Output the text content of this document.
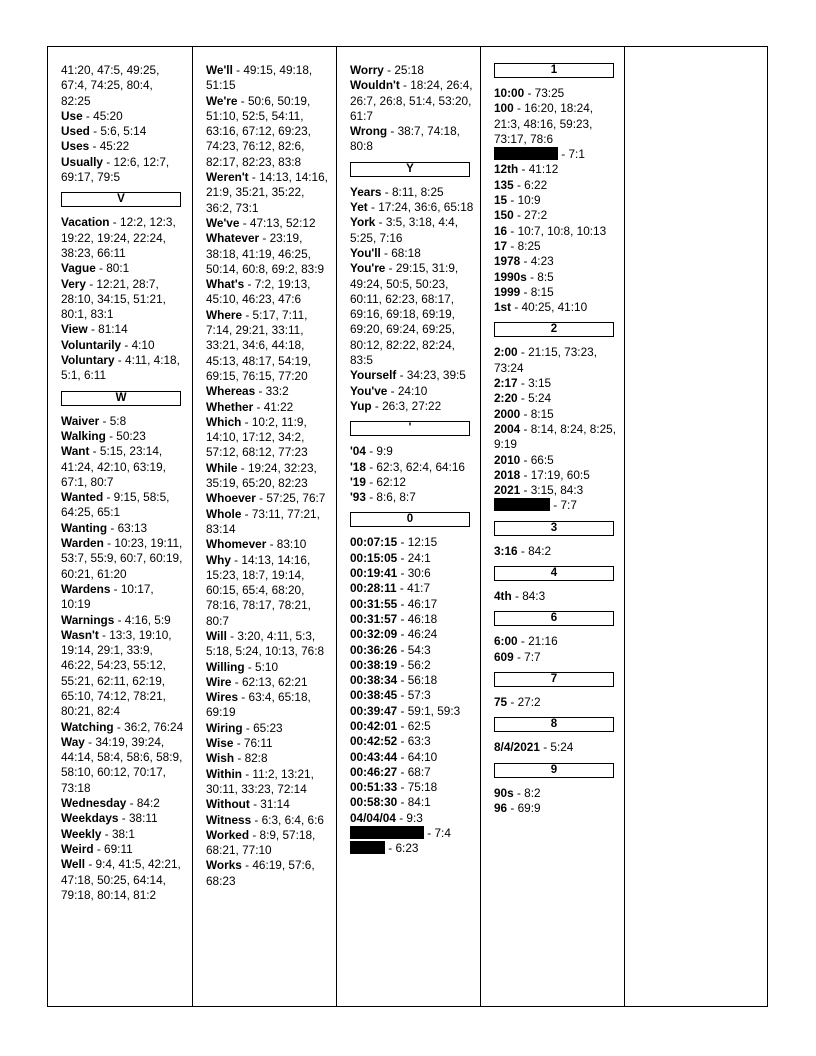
41:20, 47:5, 49:25, 67:4, 74:25, 80:4, 82:25
Use - 45:20
Used - 5:6, 5:14
Uses - 45:22
Usually - 12:6, 12:7, 69:17, 79:5
V
Vacation - 12:2, 12:3, 19:22, 19:24, 22:24, 38:23, 66:11
Vague - 80:1
Very - 12:21, 28:7, 28:10, 34:15, 51:21, 80:1, 83:1
View - 81:14
Voluntarily - 4:10
Voluntary - 4:11, 4:18, 5:1, 6:11
W
Waiver - 5:8
Walking - 50:23
Want - 5:15, 23:14, 41:24, 42:10, 63:19, 67:1, 80:7
Wanted - 9:15, 58:5, 64:25, 65:1
Wanting - 63:13
Warden - 10:23, 19:11, 53:7, 55:9, 60:7, 60:19, 60:21, 61:20
Wardens - 10:17, 10:19
Warnings - 4:16, 5:9
Wasn't - 13:3, 19:10, 19:14, 29:1, 33:9, 46:22, 54:23, 55:12, 55:21, 62:11, 62:19, 65:10, 74:12, 78:21, 80:21, 82:4
Watching - 36:2, 76:24
Way - 34:19, 39:24, 44:14, 58:4, 58:6, 58:9, 58:10, 60:12, 70:17, 73:18
Wednesday - 84:2
Weekdays - 38:11
Weekly - 38:1
Weird - 69:11
Well - 9:4, 41:5, 42:21, 47:18, 50:25, 64:14, 79:18, 80:14, 81:2
We'll - 49:15, 49:18, 51:15
We're - 50:6, 50:19, 51:10, 52:5, 54:11, 63:16, 67:12, 69:23, 74:23, 76:12, 82:6, 82:17, 82:23, 83:8
Weren't - 14:13, 14:16, 21:9, 35:21, 35:22, 36:2, 73:1
We've - 47:13, 52:12
Whatever - 23:19, 38:18, 41:19, 46:25, 50:14, 60:8, 69:2, 83:9
What's - 7:2, 19:13, 45:10, 46:23, 47:6
Where - 5:17, 7:11, 7:14, 29:21, 33:11, 33:21, 34:6, 44:18, 45:13, 48:17, 54:19, 69:15, 76:15, 77:20
Whereas - 33:2
Whether - 41:22
Which - 10:2, 11:9, 14:10, 17:12, 34:2, 57:12, 68:12, 77:23
While - 19:24, 32:23, 35:19, 65:20, 82:23
Whoever - 57:25, 76:7
Whole - 73:11, 77:21, 83:14
Whomever - 83:10
Why - 14:13, 14:16, 15:23, 18:7, 19:14, 60:15, 65:4, 68:20, 78:16, 78:17, 78:21, 80:7
Will - 3:20, 4:11, 5:3, 5:18, 5:24, 10:13, 76:8
Willing - 5:10
Wire - 62:13, 62:21
Wires - 63:4, 65:18, 69:19
Wiring - 65:23
Wise - 76:11
Wish - 82:8
Within - 11:2, 13:21, 30:11, 33:23, 72:14
Without - 31:14
Witness - 6:3, 6:4, 6:6
Worked - 8:9, 57:18, 68:21, 77:10
Works - 46:19, 57:6, 68:23
Worry - 25:18
Wouldn't - 18:24, 26:4, 26:7, 26:8, 51:4, 53:20, 61:7
Wrong - 38:7, 74:18, 80:8
Y
Years - 8:11, 8:25
Yet - 17:24, 36:6, 65:18
York - 3:5, 3:18, 4:4, 5:25, 7:16
You'll - 68:18
You're - 29:15, 31:9, 49:24, 50:5, 50:23, 60:11, 62:23, 68:17, 69:16, 69:18, 69:19, 69:20, 69:24, 69:25, 80:12, 82:22, 82:24, 83:5
Yourself - 34:23, 39:5
You've - 24:10
Yup - 26:3, 27:22
'
'04 - 9:9
'18 - 62:3, 62:4, 64:16
'19 - 62:12
'93 - 8:6, 8:7
0
00:07:15 - 12:15
00:15:05 - 24:1
00:19:41 - 30:6
00:28:11 - 41:7
00:31:55 - 46:17
00:31:57 - 46:18
00:32:09 - 46:24
00:36:26 - 54:3
00:38:19 - 56:2
00:38:34 - 56:18
00:38:45 - 57:3
00:39:47 - 59:1, 59:3
00:42:01 - 62:5
00:42:52 - 63:3
00:43:44 - 64:10
00:46:27 - 68:7
00:51:33 - 75:18
00:58:30 - 84:1
04/04/04 - 9:3
- 7:4
- 6:23
1
10:00 - 73:25
100 - 16:20, 18:24, 21:3, 48:16, 59:23, 73:17, 78:6
- 7:1
12th - 41:12
135 - 6:22
15 - 10:9
150 - 27:2
16 - 10:7, 10:8, 10:13
17 - 8:25
1978 - 4:23
1990s - 8:5
1999 - 8:15
1st - 40:25, 41:10
2
2:00 - 21:15, 73:23, 73:24
2:17 - 3:15
2:20 - 5:24
2000 - 8:15
2004 - 8:14, 8:24, 8:25, 9:19
2010 - 66:5
2018 - 17:19, 60:5
2021 - 3:15, 84:3
- 7:7
3
3:16 - 84:2
4
4th - 84:3
6
6:00 - 21:16
609 - 7:7
7
75 - 27:2
8
8/4/2021 - 5:24
9
90s - 8:2
96 - 69:9
